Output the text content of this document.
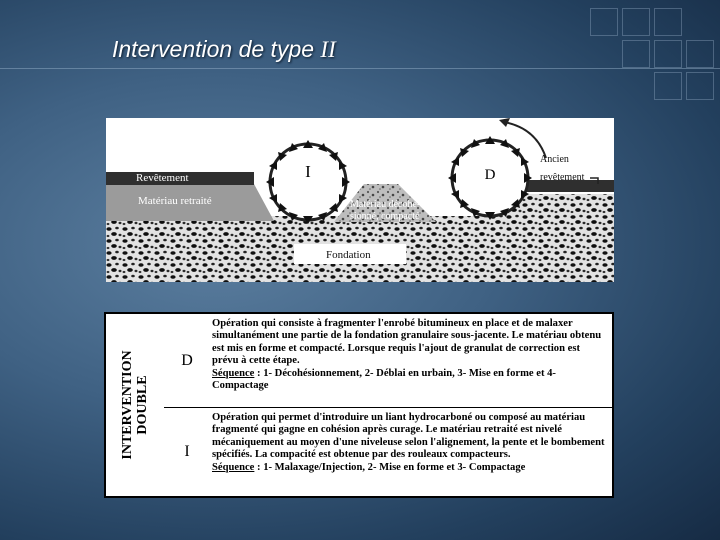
Intervention de type II
Revêtement
Matériau retraité
I	D
Matériau décohé-
sionné, compacté
Ancien
revêtement
Fondation
INTERVENTION
DOUBLE
D
Opération qui consiste à fragmenter l'enrobé bitumineux en place et de malaxer simultanément une partie de la fondation granulaire sous-jacente. Le matériau obtenu est mis en forme et compacté. Lorsque requis l'ajout de granulat de correction est prévu à cette étape.
Séquence : 1- Décohésionnement, 2- Déblai en urbain, 3- Mise en forme et 4- Compactage
I
Opération qui permet d'introduire un liant hydrocarboné ou composé au matériau fragmenté qui gagne en cohésion après curage. Le matériau retraité est nivelé mécaniquement au moyen d'une niveleuse selon l'alignement, la pente et le bombement spécifiés. La compacité est obtenue par des rouleaux compacteurs.
Séquence : 1- Malaxage/Injection, 2- Mise en forme et 3- Compactage
